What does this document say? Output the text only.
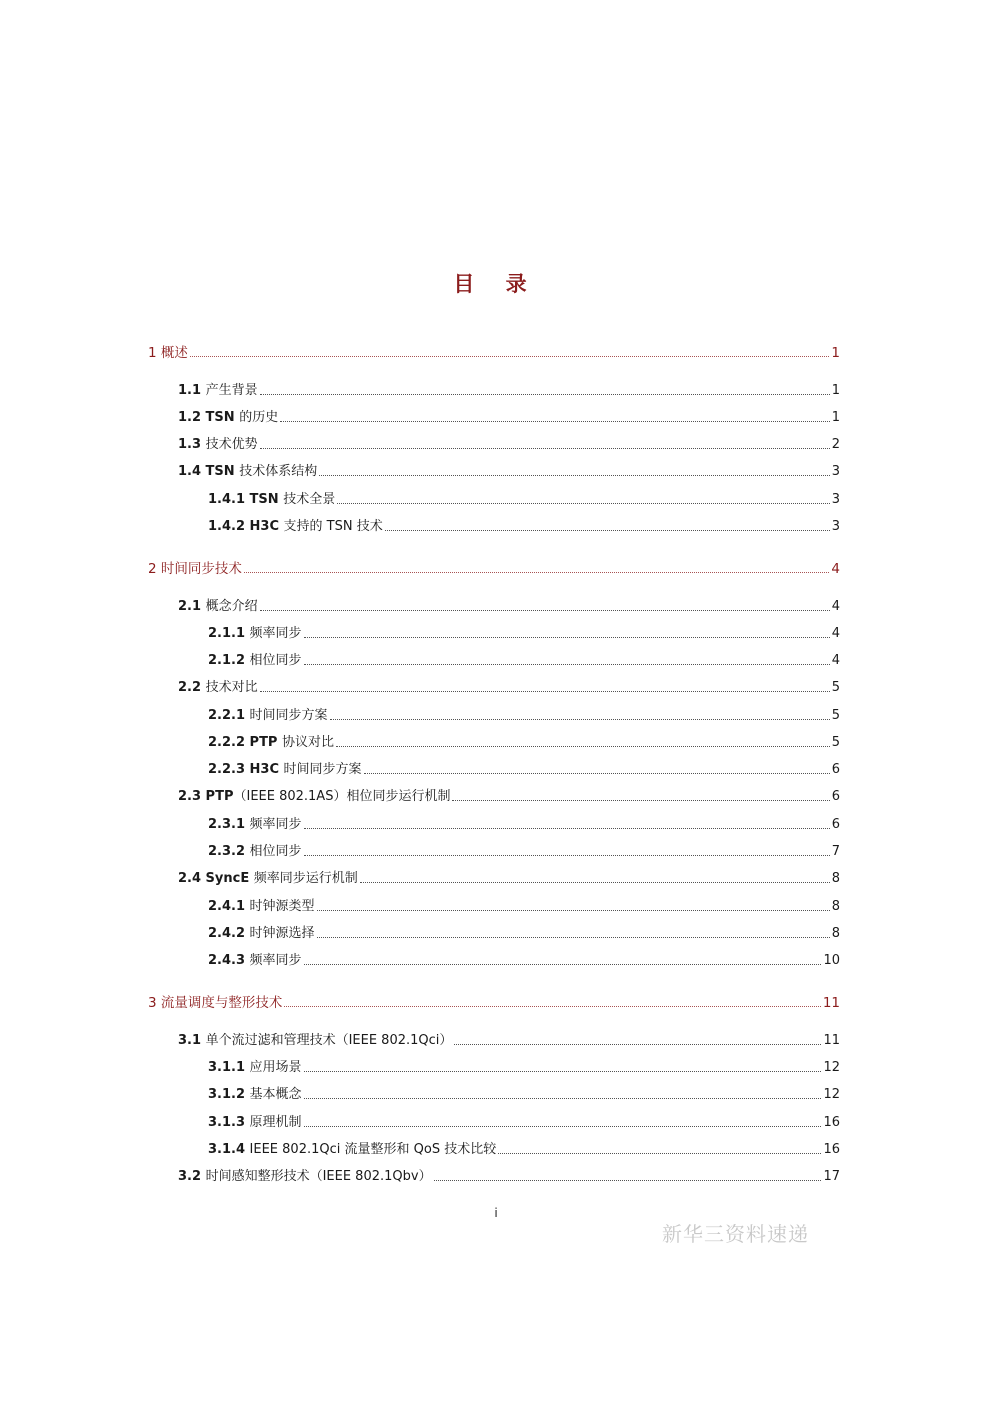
目 录
1 概述	1
1.1 产生背景	1
1.2 TSN 的历史	1
1.3 技术优势	2
1.4 TSN 技术体系结构	3
1.4.1 TSN 技术全景	3
1.4.2 H3C 支持的 TSN 技术	3
2 时间同步技术	4
2.1 概念介绍	4
2.1.1 频率同步	4
2.1.2 相位同步	4
2.2 技术对比	5
2.2.1 时间同步方案	5
2.2.2 PTP 协议对比	5
2.2.3 H3C 时间同步方案	6
2.3 PTP （IEEE 802.1AS）相位同步运行机制	6
2.3.1 频率同步	6
2.3.2 相位同步	7
2.4 SyncE 频率同步运行机制	8
2.4.1 时钟源类型	8
2.4.2 时钟源选择	8
2.4.3 频率同步	10
3 流量调度与整形技术	11
3.1 单个流过滤和管理技术（IEEE 802.1Qci）	11
3.1.1 应用场景	12
3.1.2 基本概念	12
3.1.3 原理机制	16
3.1.4 IEEE 802.1Qci 流量整形和 QoS 技术比较	16
3.2 时间感知整形技术（IEEE 802.1Qbv）	17
i
新华三资料速递
